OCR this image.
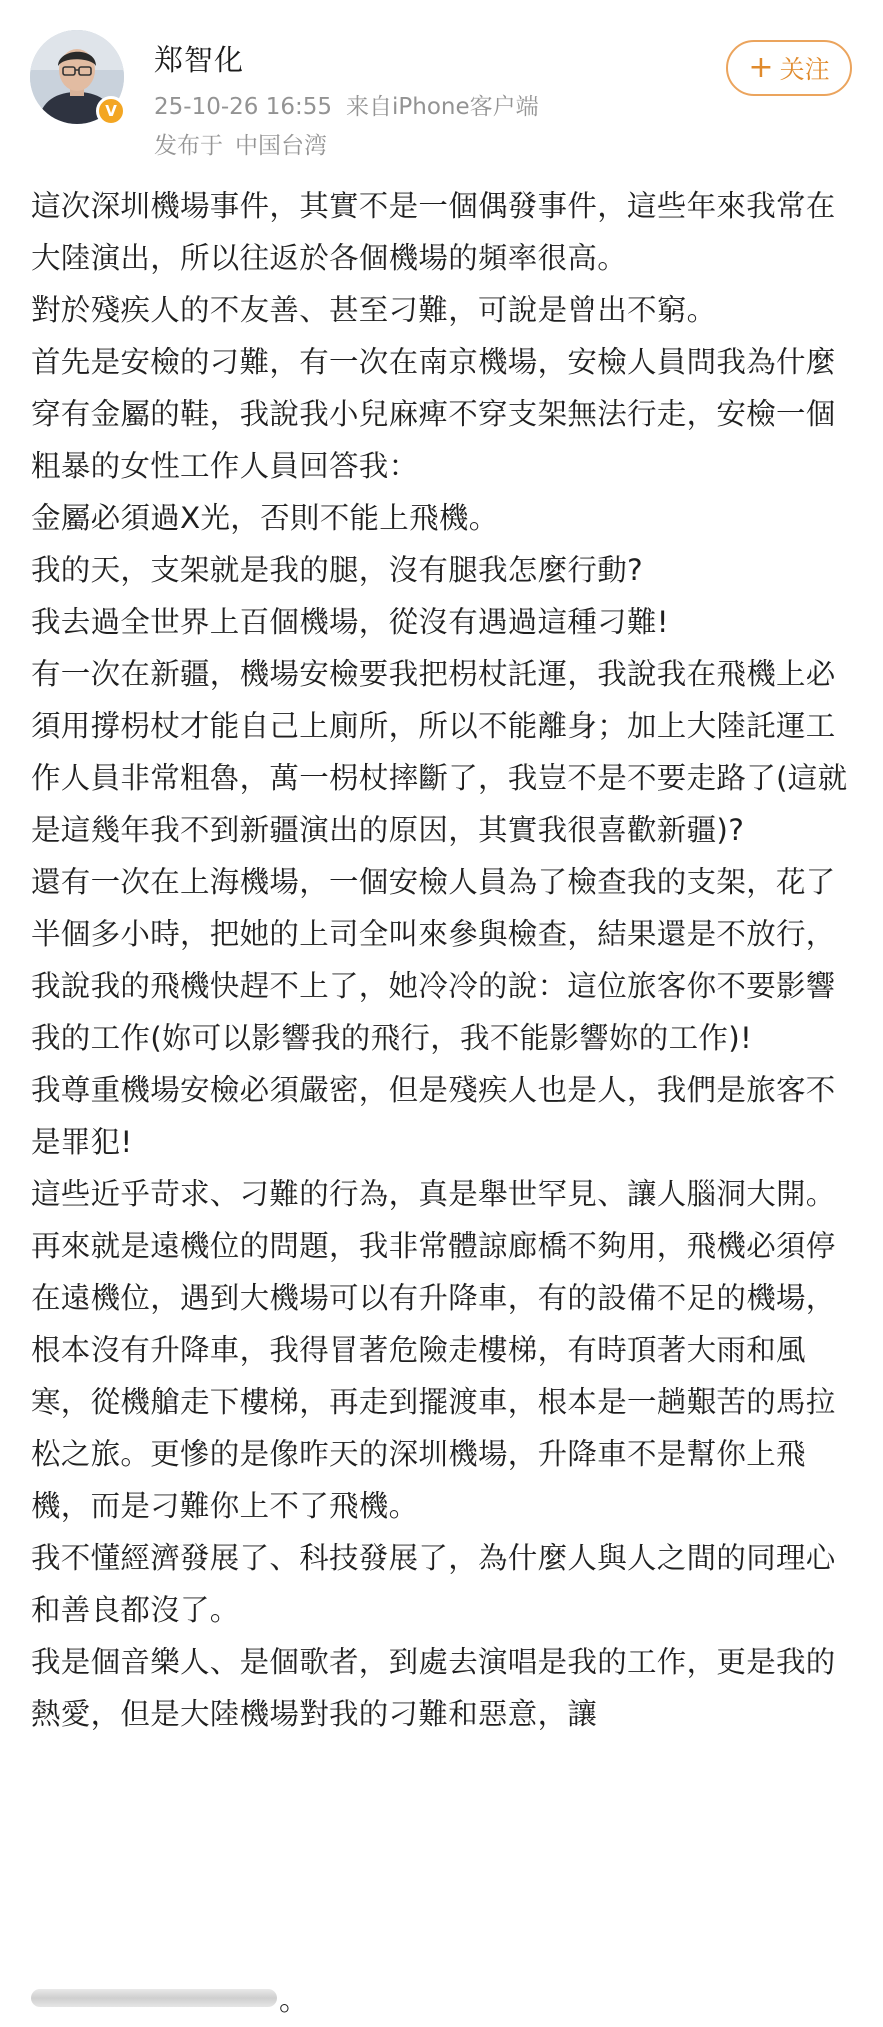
V
郑智化
25-10-26 16:55 来自iPhone客户端
发布于 中国台湾
+ 关注

這次深圳機場事件，其實不是一個偶發事件，這些年來我常在大陸演出，所以往返於各個機場的頻率很高。

對於殘疾人的不友善、甚至刁難，可說是曾出不窮。

首先是安檢的刁難，有一次在南京機場，安檢人員問我為什麼穿有金屬的鞋，我說我小兒麻痺不穿支架無法行走，安檢一個粗暴的女性工作人員回答我：

金屬必須過X光，否則不能上飛機。

我的天，支架就是我的腿，沒有腿我怎麼行動?

我去過全世界上百個機場，從沒有遇過這種刁難!

有一次在新疆，機場安檢要我把枴杖託運，我說我在飛機上必須用撐枴杖才能自己上廁所，所以不能離身；加上大陸託運工作人員非常粗魯，萬一枴杖摔斷了，我豈不是不要走路了(這就是這幾年我不到新疆演出的原因，其實我很喜歡新疆)?

還有一次在上海機場，一個安檢人員為了檢查我的支架，花了半個多小時，把她的上司全叫來參與檢查，結果還是不放行，我說我的飛機快趕不上了，她冷冷的說：這位旅客你不要影響我的工作(妳可以影響我的飛行，我不能影響妳的工作)!

我尊重機場安檢必須嚴密，但是殘疾人也是人，我們是旅客不是罪犯!

這些近乎苛求、刁難的行為，真是舉世罕見、讓人腦洞大開。

再來就是遠機位的問題，我非常體諒廊橋不夠用，飛機必須停在遠機位，遇到大機場可以有升降車，有的設備不足的機場，根本沒有升降車，我得冒著危險走樓梯，有時頂著大雨和風寒，從機艙走下樓梯，再走到擺渡車，根本是一趟艱苦的馬拉松之旅。更慘的是像昨天的深圳機場，升降車不是幫你上飛機，而是刁難你上不了飛機。

我不懂經濟發展了、科技發展了，為什麼人與人之間的同理心和善良都沒了。

我是個音樂人、是個歌者，到處去演唱是我的工作，更是我的熱愛，但是大陸機場對我的刁難和惡意，讓

。
